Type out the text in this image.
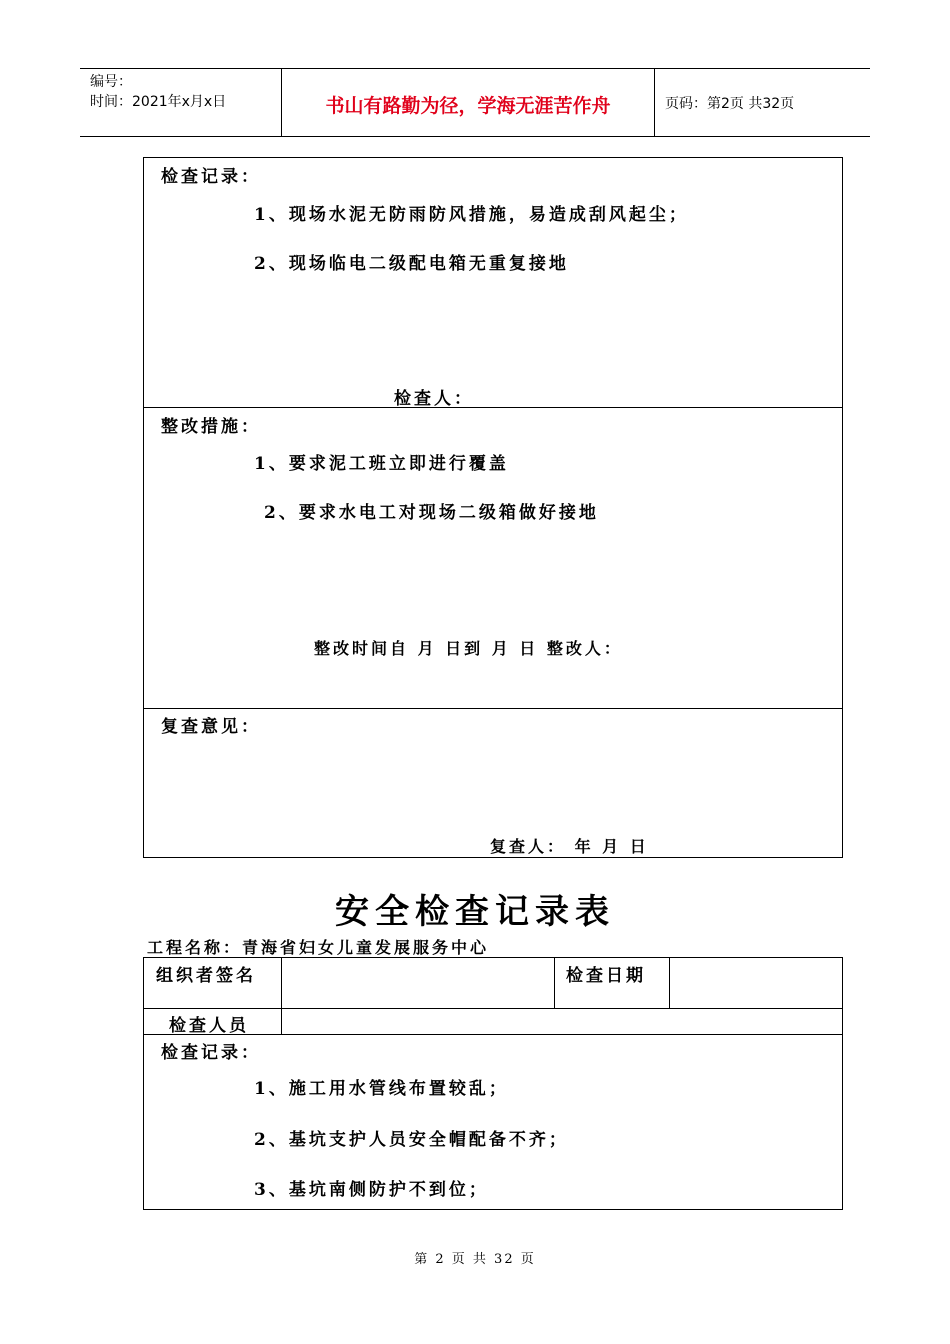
编号：
时间：2021年x月x日	书山有路勤为径，学海无涯苦作舟	页码：第2页 共32页
检查记录：
1、现场水泥无防雨防风措施，易造成刮风起尘；
2、现场临电二级配电箱无重复接地
检查人：
整改措施：
1、要求泥工班立即进行覆盖
2、要求水电工对现场二级箱做好接地
整改时间自 月 日到 月 日 整改人：
复查意见：
复查人： 年 月 日
安全检查记录表
工程名称：青海省妇女儿童发展服务中心
组织者签名	检查日期
检查人员
检查记录：
1、施工用水管线布置较乱；
2、基坑支护人员安全帽配备不齐；
3、基坑南侧防护不到位；
第 2 页 共 32 页
